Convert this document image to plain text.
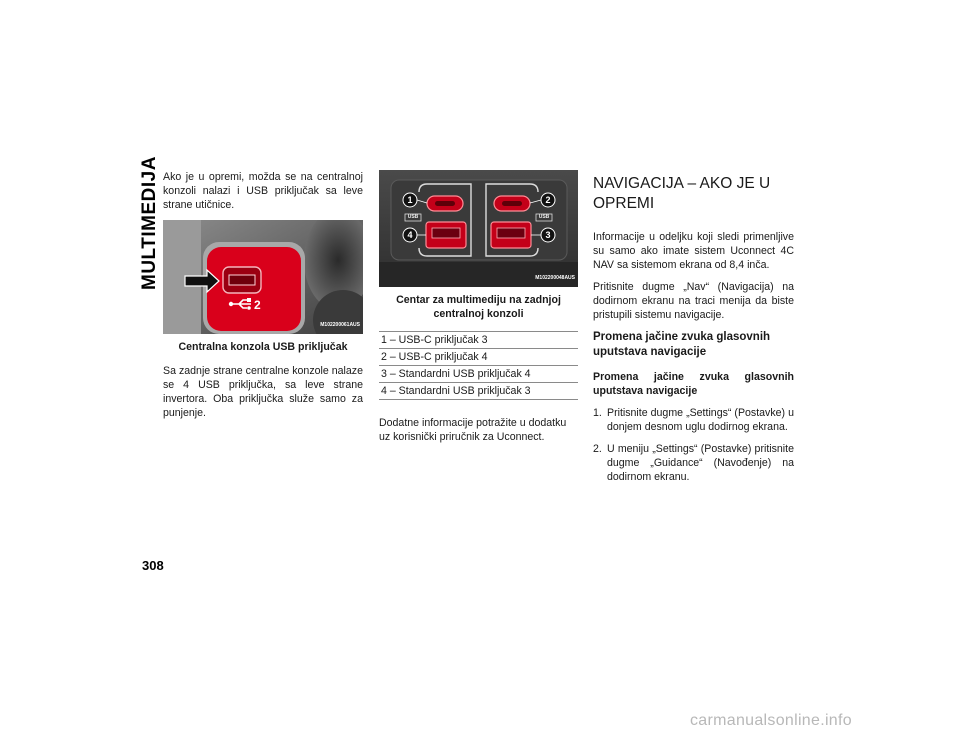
MULTIMEDIJA
308

Ako je u opremi, možda se na centralnoj konzoli nalazi i USB priključak sa leve strane utičnice.

2
M102200061AUS
Centralna konzola USB priključak

Sa zadnje strane centralne konzole nalaze se 4 USB priključka, sa leve strane invertora. Oba priključka služe samo za punjenje.

1	2
4	3
USB	USB
M102200048AUS
Centar za multimediju na zadnjoj centralnoj konzoli
1 – USB-C priključak 3
2 – USB-C priključak 4
3 – Standardni USB priključak 4
4 – Standardni USB priključak 3

Dodatne informacije potražite u dodatku uz korisnički priručnik za Uconnect.

NAVIGACIJA – AKO JE U OPREMI

Informacije u odeljku koji sledi primenljive su samo ako imate sistem Uconnect 4C NAV sa sistemom ekrana od 8,4 inča.

Pritisnite dugme „Nav“ (Navigacija) na dodirnom ekranu na traci menija da biste pristupili sistemu navigacije.

Promena jačine zvuka glasovnih uputstava navigacije
Promena jačine zvuka glasovnih uputstava navigacije
1. Pritisnite dugme „Settings“ (Postavke) u donjem desnom uglu dodirnog ekrana.
2. U meniju „Settings“ (Postavke) pritisnite dugme „Guidance“ (Navođenje) na dodirnom ekranu.
carmanualsonline.info
